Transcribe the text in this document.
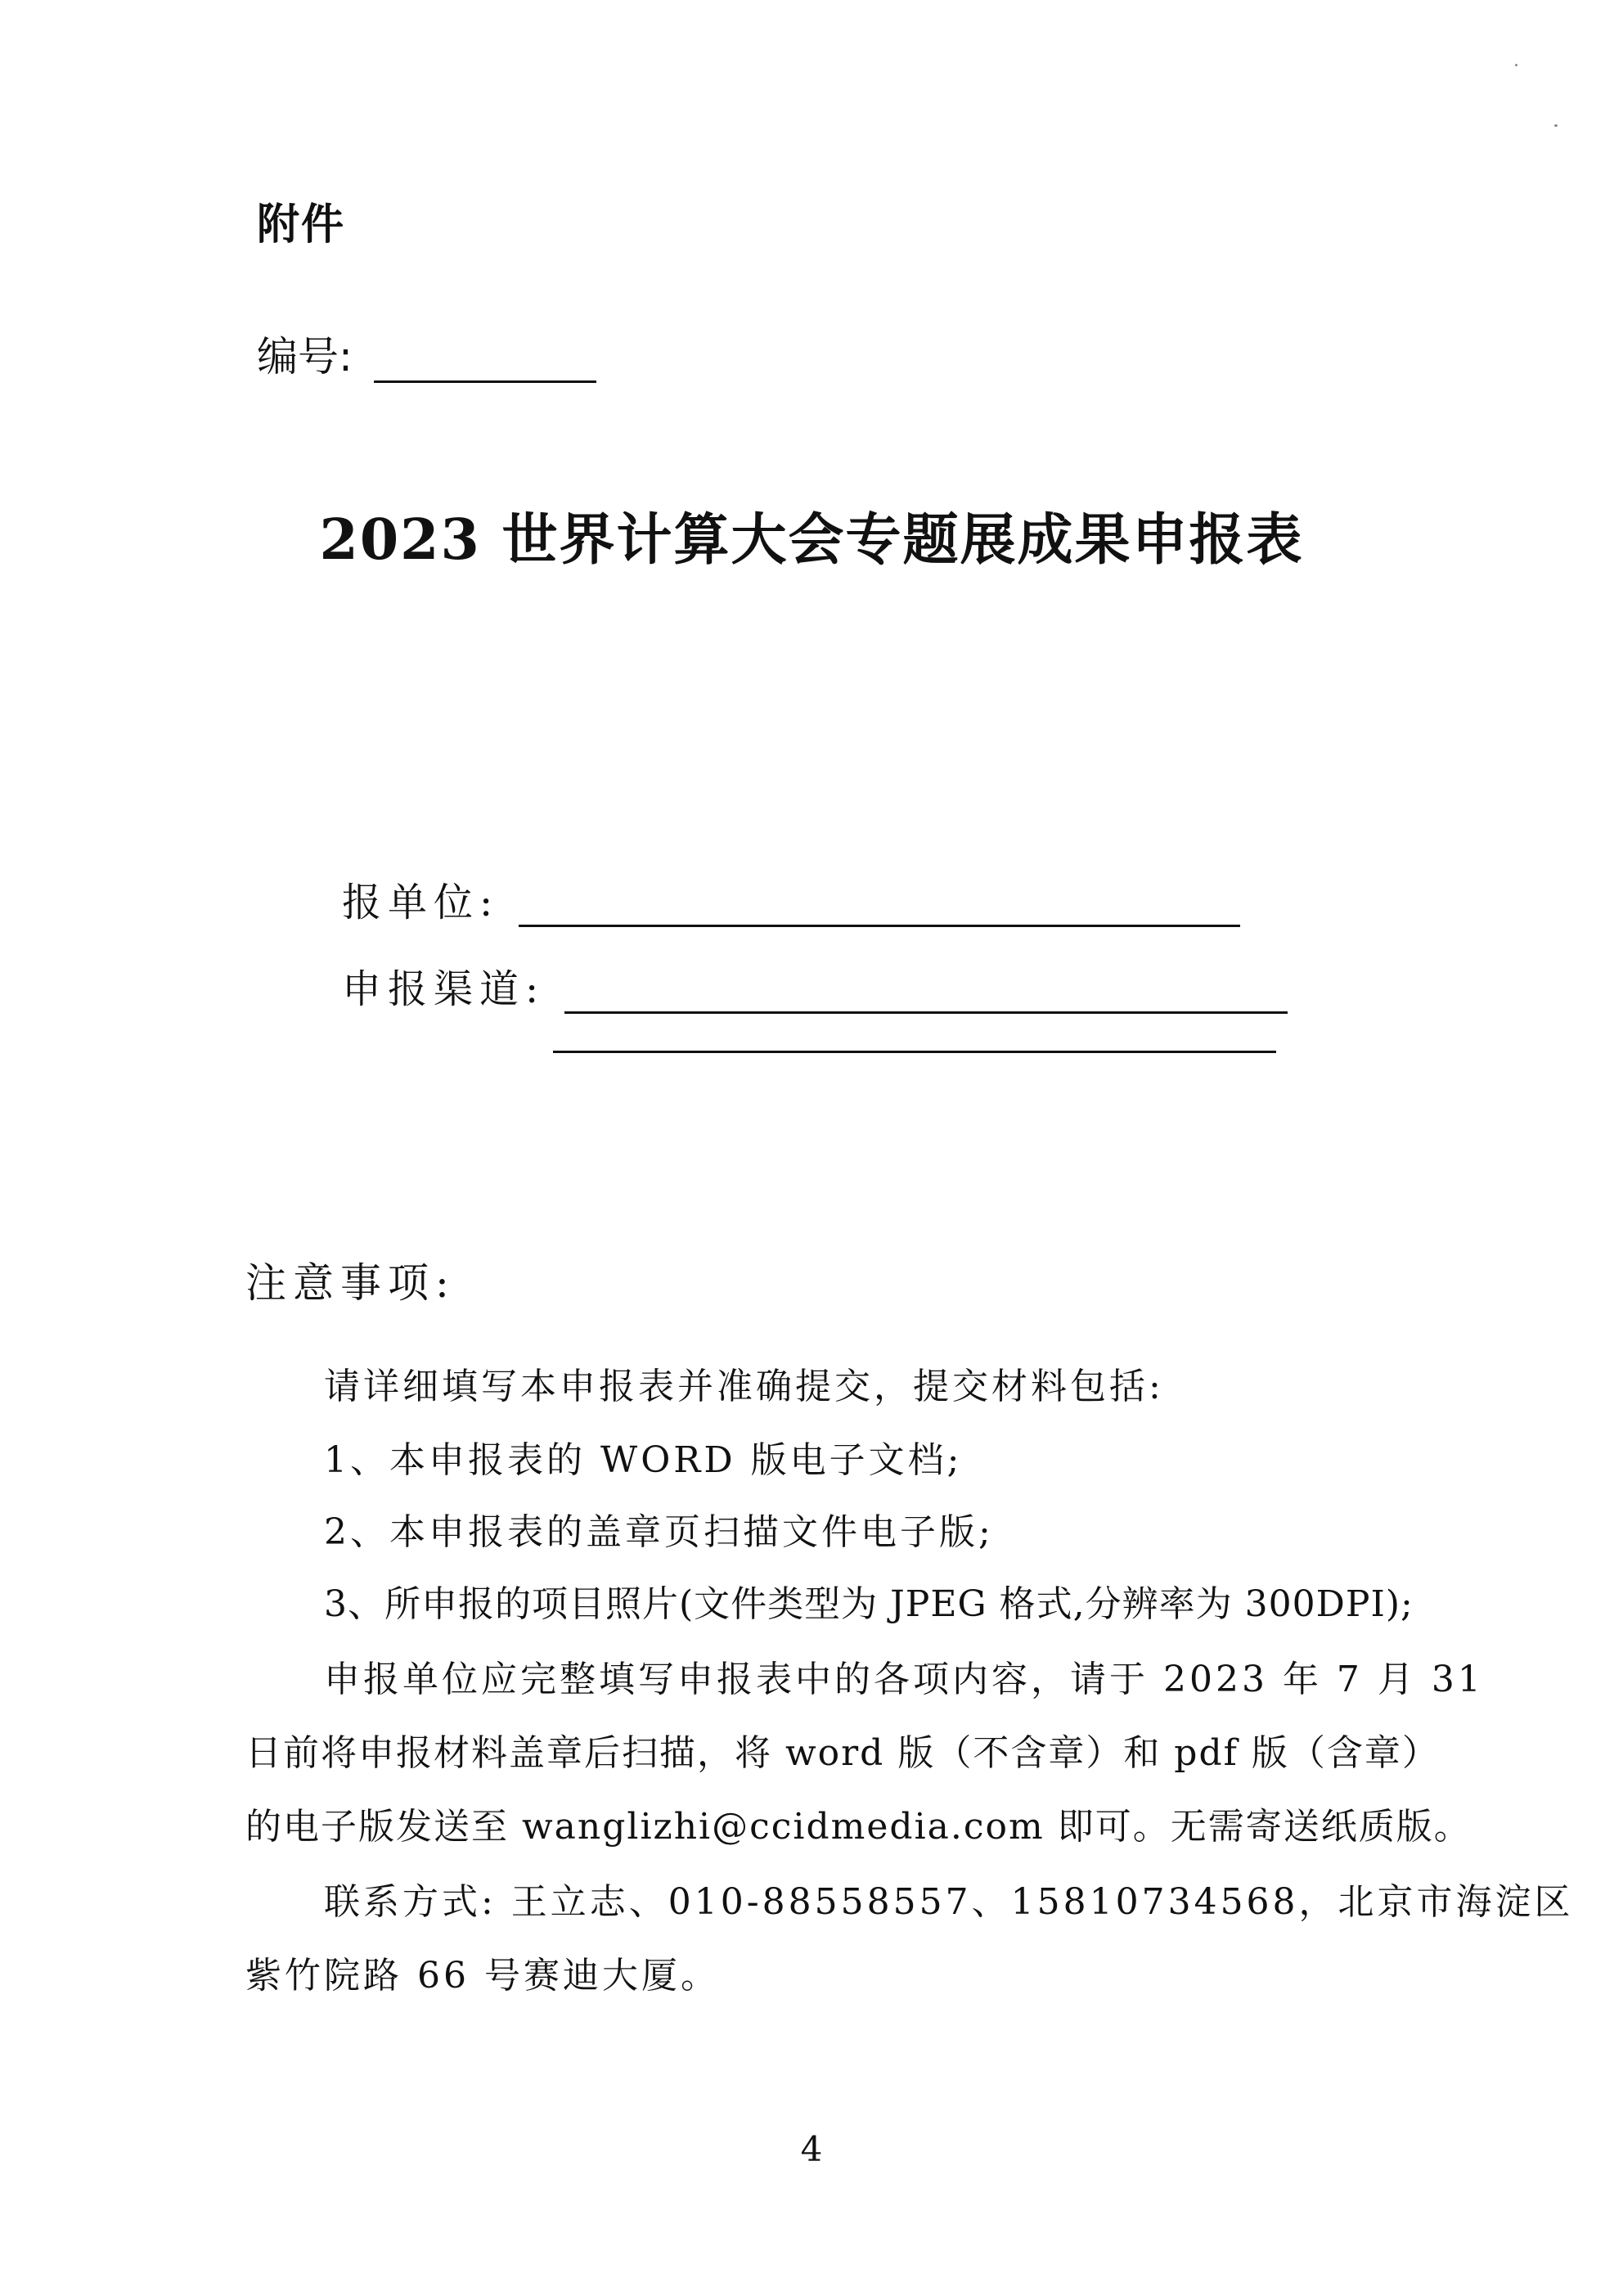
附件
编号:
2023 世界计算大会专题展成果申报表
报单位:
申报渠道:
注意事项:
请详细填写本申报表并准确提交，提交材料包括:
1、本申报表的 WORD 版电子文档;
2、本申报表的盖章页扫描文件电子版;
3、所申报的项目照片(文件类型为 JPEG 格式,分辨率为 300DPI);
申报单位应完整填写申报表中的各项内容，请于 2023 年 7 月 31
日前将申报材料盖章后扫描，将 word 版（不含章）和 pdf 版（含章）
的电子版发送至 wanglizhi@ccidmedia.com 即可。无需寄送纸质版。
联系方式: 王立志、010-88558557、15810734568，北京市海淀区
紫竹院路 66 号赛迪大厦。
4
